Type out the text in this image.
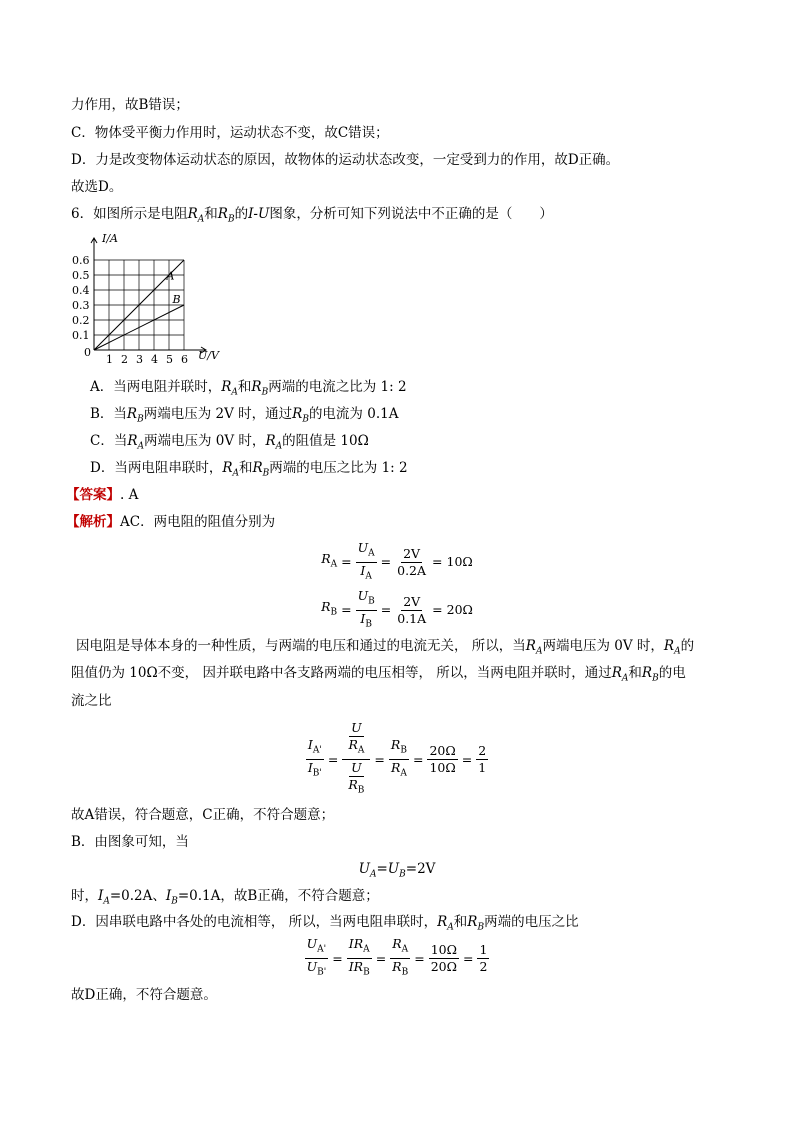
力作用，故B错误；
C．物体受平衡力作用时，运动状态不变，故C错误；
D．力是改变物体运动状态的原因，故物体的运动状态改变，一定受到力的作用，故D正确。
故选D。
6．如图所示是电阻$R_A$和$R_B$的I-U图象，分析可知下列说法中不正确的是（　　）
0.6
0.5
0.4
0.3
0.2
0.1
1 2 3 4 5 6
A
B
I/A
U/V
0
A．当两电阻并联时，$R_A$和$R_B$两端的电流之比为 1: 2
B．当$R_B$两端电压为 2V 时，通过$R_B$的电流为 0.1A
C．当$R_A$两端电压为 0V 时，$R_A$的阻值是 10Ω
D．当两电阻串联时，$R_A$和$R_B$两端的电压之比为 1: 2
【答案】. A
【解析】AC．两电阻的阻值分别为
$R_A = \frac{U_A}{I_A} = \frac{2V}{0.2A} = 10\Omega$
$R_B = \frac{U_B}{I_B} = \frac{2V}{0.1A} = 20\Omega$
因电阻是导体本身的一种性质，与两端的电压和通过的电流无关， 所以，当$R_A$两端电压为 0V 时，$R_A$的
阻值仍为 10Ω不变， 因并联电路中各支路两端的电压相等， 所以，当两电阻并联时，通过$R_A$和$R_B$的电
流之比
$\frac{I_{A'}}{I_{B'}} = \frac{\frac{U}{R_A}}{\frac{U}{R_B}} = \frac{R_B}{R_A} = \frac{20\Omega}{10\Omega} = \frac{2}{1}$
故A错误，符合题意，C正确，不符合题意；
B．由图象可知，当
$U_A=U_B=2V$
时，$I_A=0.2A$、$I_B=0.1A$，故B正确，不符合题意；
D．因串联电路中各处的电流相等， 所以，当两电阻串联时，$R_A$和$R_B$两端的电压之比
$\frac{U_{A'}}{U_{B'}} = \frac{IR_A}{IR_B} = \frac{R_A}{R_B} = \frac{10\Omega}{20\Omega} = \frac{1}{2}$
故D正确，不符合题意。
